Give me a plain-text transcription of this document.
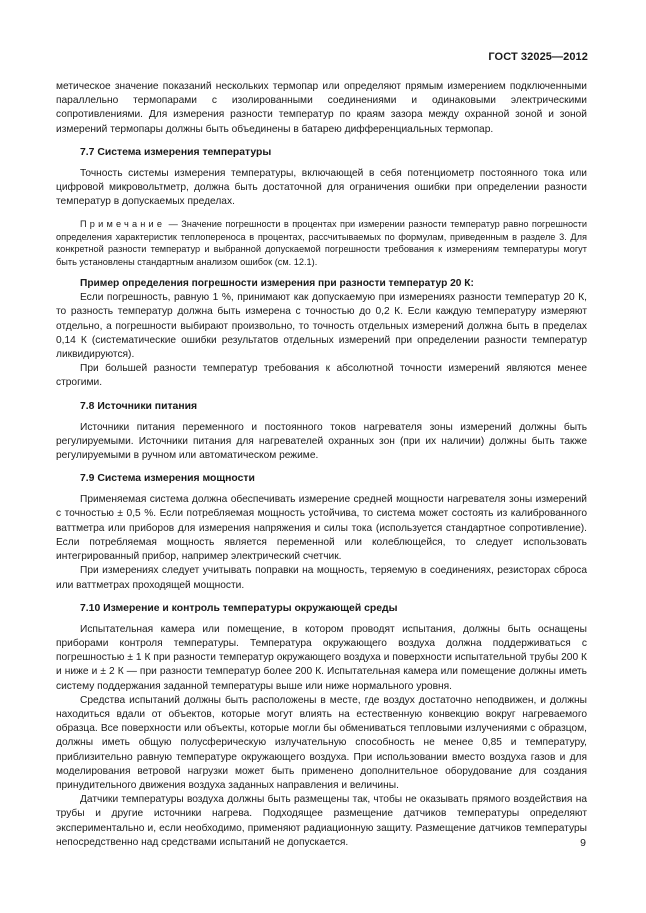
ГОСТ 32025—2012

метическое значение показаний нескольких термопар или определяют прямым измерением подключенными параллельно термопарами с изолированными соединениями и одинаковыми электрическими сопротивлениями. Для измерения разности температур по краям зазора между охранной зоной и зоной измерений термопары должны быть объединены в батарею дифференциальных термопар.

7.7 Система измерения температуры

Точность системы измерения температуры, включающей в себя потенциометр постоянного тока или цифровой микровольтметр, должна быть достаточной для ограничения ошибки при определении разности температур в допускаемых пределах.

Примечание — Значение погрешности в процентах при измерении разности температур равно погрешности определения характеристик теплопереноса в процентах, рассчитываемых по формулам, приведенным в разделе 3. Для конкретной разности температур и выбранной допускаемой погрешности требования к измерениям температуры могут быть установлены стандартным анализом ошибок (см. 12.1).

Пример определения погрешности измерения при разности температур 20 К:

Если погрешность, равную 1 %, принимают как допускаемую при измерениях разности температур 20 К, то разность температур должна быть измерена с точностью до 0,2 К. Если каждую температуру измеряют отдельно, а погрешности выбирают произвольно, то точность отдельных измерений должна быть в пределах 0,14 К (систематические ошибки результатов отдельных измерений при определении разности температур ликвидируются).

При большей разности температур требования к абсолютной точности измерений являются менее строгими.

7.8 Источники питания

Источники питания переменного и постоянного токов нагревателя зоны измерений должны быть регулируемыми. Источники питания для нагревателей охранных зон (при их наличии) должны быть также регулируемыми в ручном или автоматическом режиме.

7.9 Система измерения мощности

Применяемая система должна обеспечивать измерение средней мощности нагревателя зоны измерений с точностью ± 0,5 %. Если потребляемая мощность устойчива, то система может состоять из калиброванного ваттметра или приборов для измерения напряжения и силы тока (используется стандартное сопротивление). Если потребляемая мощность является переменной или колеблющейся, то следует использовать интегрированный прибор, например электрический счетчик.

При измерениях следует учитывать поправки на мощность, теряемую в соединениях, резисторах сброса или ваттметрах проходящей мощности.

7.10 Измерение и контроль температуры окружающей среды

Испытательная камера или помещение, в котором проводят испытания, должны быть оснащены приборами контроля температуры. Температура окружающего воздуха должна поддерживаться с погрешностью ± 1 К при разности температур окружающего воздуха и поверхности испытательной трубы 200 К и ниже и ± 2 К — при разности температур более 200 К. Испытательная камера или помещение должны иметь систему поддержания заданной температуры выше или ниже нормального уровня.

Средства испытаний должны быть расположены в месте, где воздух достаточно неподвижен, и должны находиться вдали от объектов, которые могут влиять на естественную конвекцию вокруг нагреваемого образца. Все поверхности или объекты, которые могли бы обмениваться тепловыми излучениями с образцом, должны иметь общую полусферическую излучательную способность не менее 0,85 и температуру, приблизительно равную температуре окружающего воздуха. При использовании вместо воздуха газов и для моделирования ветровой нагрузки может быть применено дополнительное оборудование для создания принудительного движения воздуха заданных направления и величины.

Датчики температуры воздуха должны быть размещены так, чтобы не оказывать прямого воздействия на трубы и другие источники нагрева. Подходящее размещение датчиков температуры определяют экспериментально и, если необходимо, применяют радиационную защиту. Размещение датчиков температуры непосредственно над средствами испытаний не допускается.	9
